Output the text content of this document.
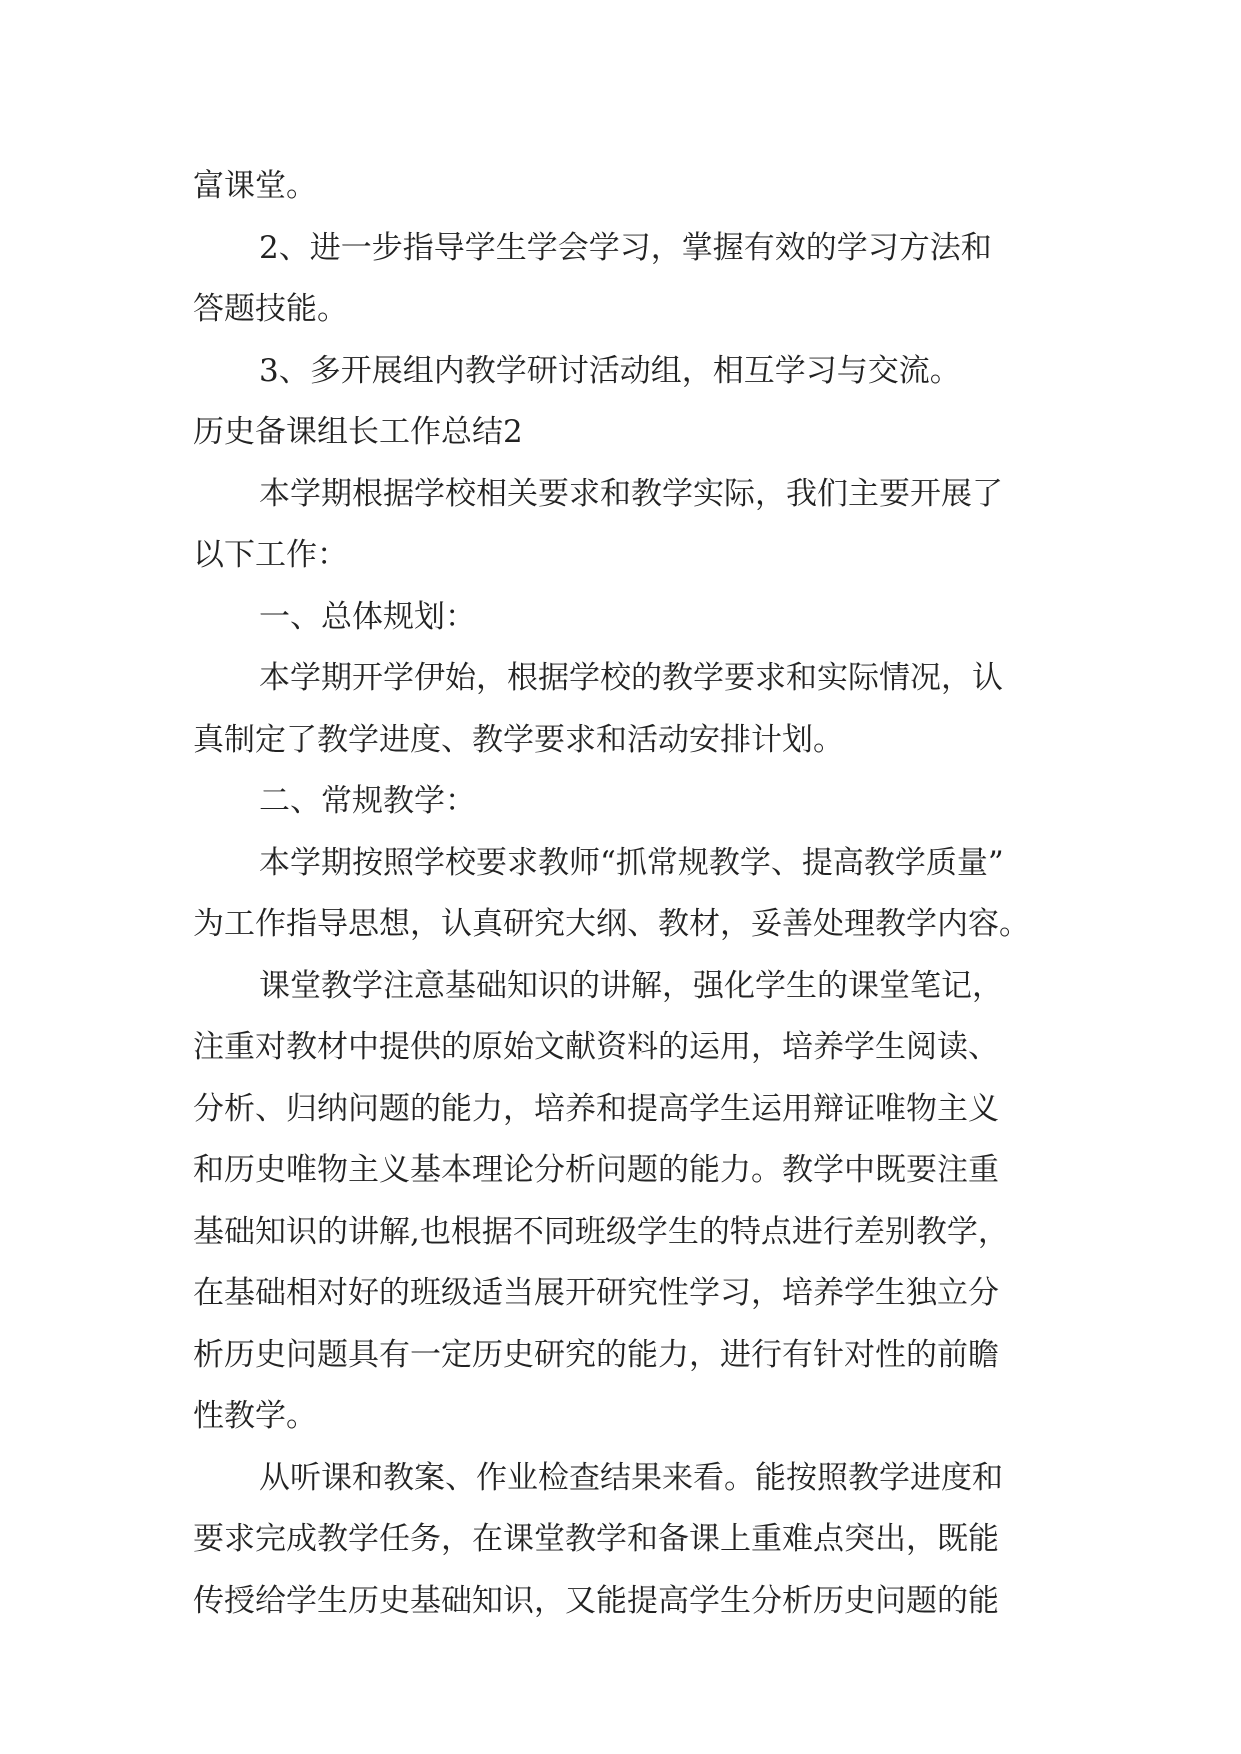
富课堂。
2、进一步指导学生学会学习，掌握有效的学习方法和
答题技能。
3、多开展组内教学研讨活动组，相互学习与交流。
历史备课组长工作总结2
本学期根据学校相关要求和教学实际，我们主要开展了
以下工作：
一、总体规划：
本学期开学伊始，根据学校的教学要求和实际情况，认
真制定了教学进度、教学要求和活动安排计划。
二、常规教学：
本学期按照学校要求教师“抓常规教学、提高教学质量”
为工作指导思想，认真研究大纲、教材，妥善处理教学内容。
课堂教学注意基础知识的讲解，强化学生的课堂笔记，
注重对教材中提供的原始文献资料的运用，培养学生阅读、
分析、归纳问题的能力，培养和提高学生运用辩证唯物主义
和历史唯物主义基本理论分析问题的能力。教学中既要注重
基础知识的讲解,也根据不同班级学生的特点进行差别教学，
在基础相对好的班级适当展开研究性学习，培养学生独立分
析历史问题具有一定历史研究的能力，进行有针对性的前瞻
性教学。
从听课和教案、作业检查结果来看。能按照教学进度和
要求完成教学任务，在课堂教学和备课上重难点突出，既能
传授给学生历史基础知识，又能提高学生分析历史问题的能
